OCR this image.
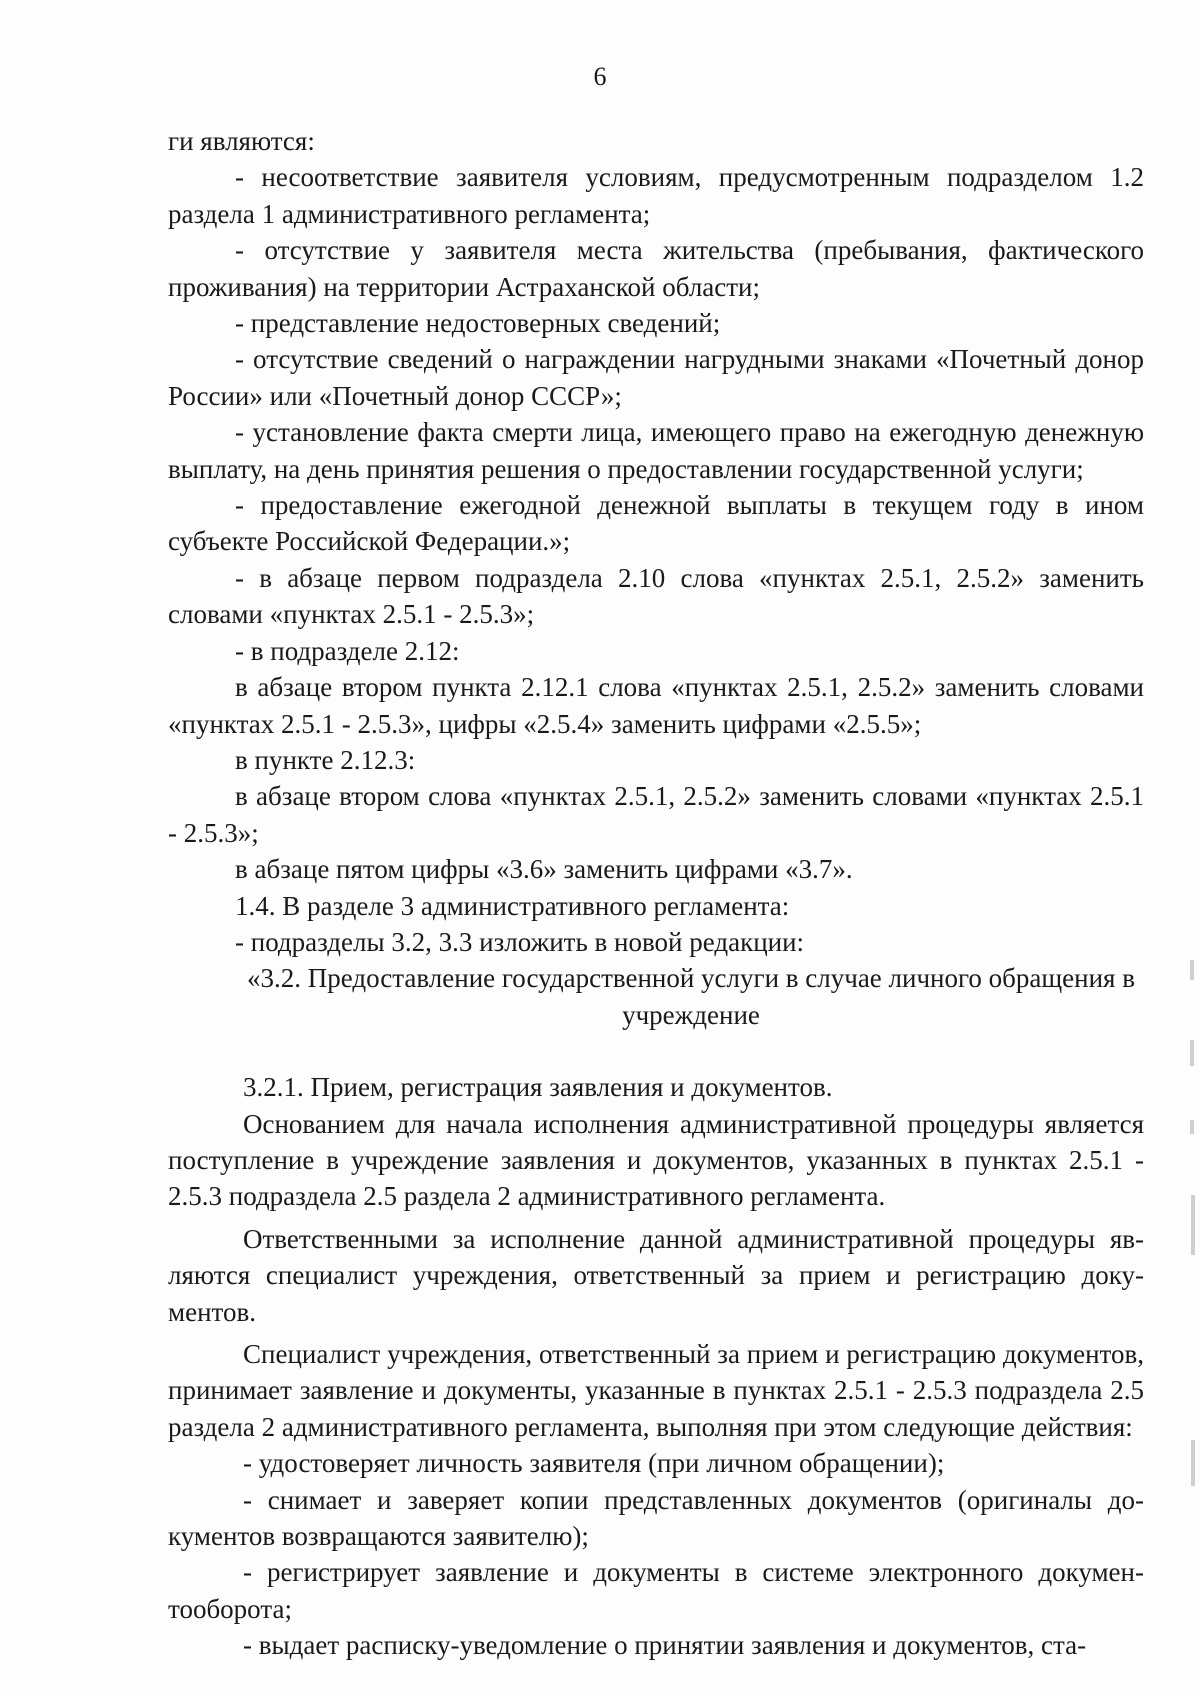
6

ги являются:

- несоответствие заявителя условиям, предусмотренным подразделом 1.2 раздела 1 административного регламента;

- отсутствие у заявителя места жительства (пребывания, фактического проживания) на территории Астраханской области;

- представление недостоверных сведений;

- отсутствие сведений о награждении нагрудными знаками «Почетный донор России» или «Почетный донор СССР»;

- установление факта смерти лица, имеющего право на ежегодную денежную выплату, на день принятия решения о предоставлении государственной услуги;

- предоставление ежегодной денежной выплаты в текущем году в ином субъекте Российской Федерации.»;

- в абзаце первом подраздела 2.10 слова «пунктах 2.5.1, 2.5.2» заменить словами «пунктах 2.5.1 - 2.5.3»;

- в подразделе 2.12:

в абзаце втором пункта 2.12.1 слова «пунктах 2.5.1, 2.5.2» заменить словами «пунктах 2.5.1 - 2.5.3», цифры «2.5.4» заменить цифрами «2.5.5»;

в пункте 2.12.3:

в абзаце втором слова «пунктах 2.5.1, 2.5.2» заменить словами «пунктах 2.5.1 - 2.5.3»;

в абзаце пятом цифры «3.6» заменить цифрами «3.7».

1.4. В разделе 3 административного регламента:

- подразделы 3.2, 3.3 изложить в новой редакции:

«3.2. Предоставление государственной услуги в случае личного обращения в учреждение

3.2.1. Прием, регистрация заявления и документов.

Основанием для начала исполнения административной процедуры является поступление в учреждение заявления и документов, указанных в пунктах 2.5.1 - 2.5.3 подраздела 2.5 раздела 2 административного регламента.

Ответственными за исполнение данной административной процедуры являются специалист учреждения, ответственный за прием и регистрацию документов.

Специалист учреждения, ответственный за прием и регистрацию документов, принимает заявление и документы, указанные в пунктах 2.5.1 - 2.5.3 подраздела 2.5 раздела 2 административного регламента, выполняя при этом следующие действия:

- удостоверяет личность заявителя (при личном обращении);

- снимает и заверяет копии представленных документов (оригиналы документов возвращаются заявителю);

- регистрирует заявление и документы в системе электронного документооборота;

- выдает расписку-уведомление о принятии заявления и документов, ста-
